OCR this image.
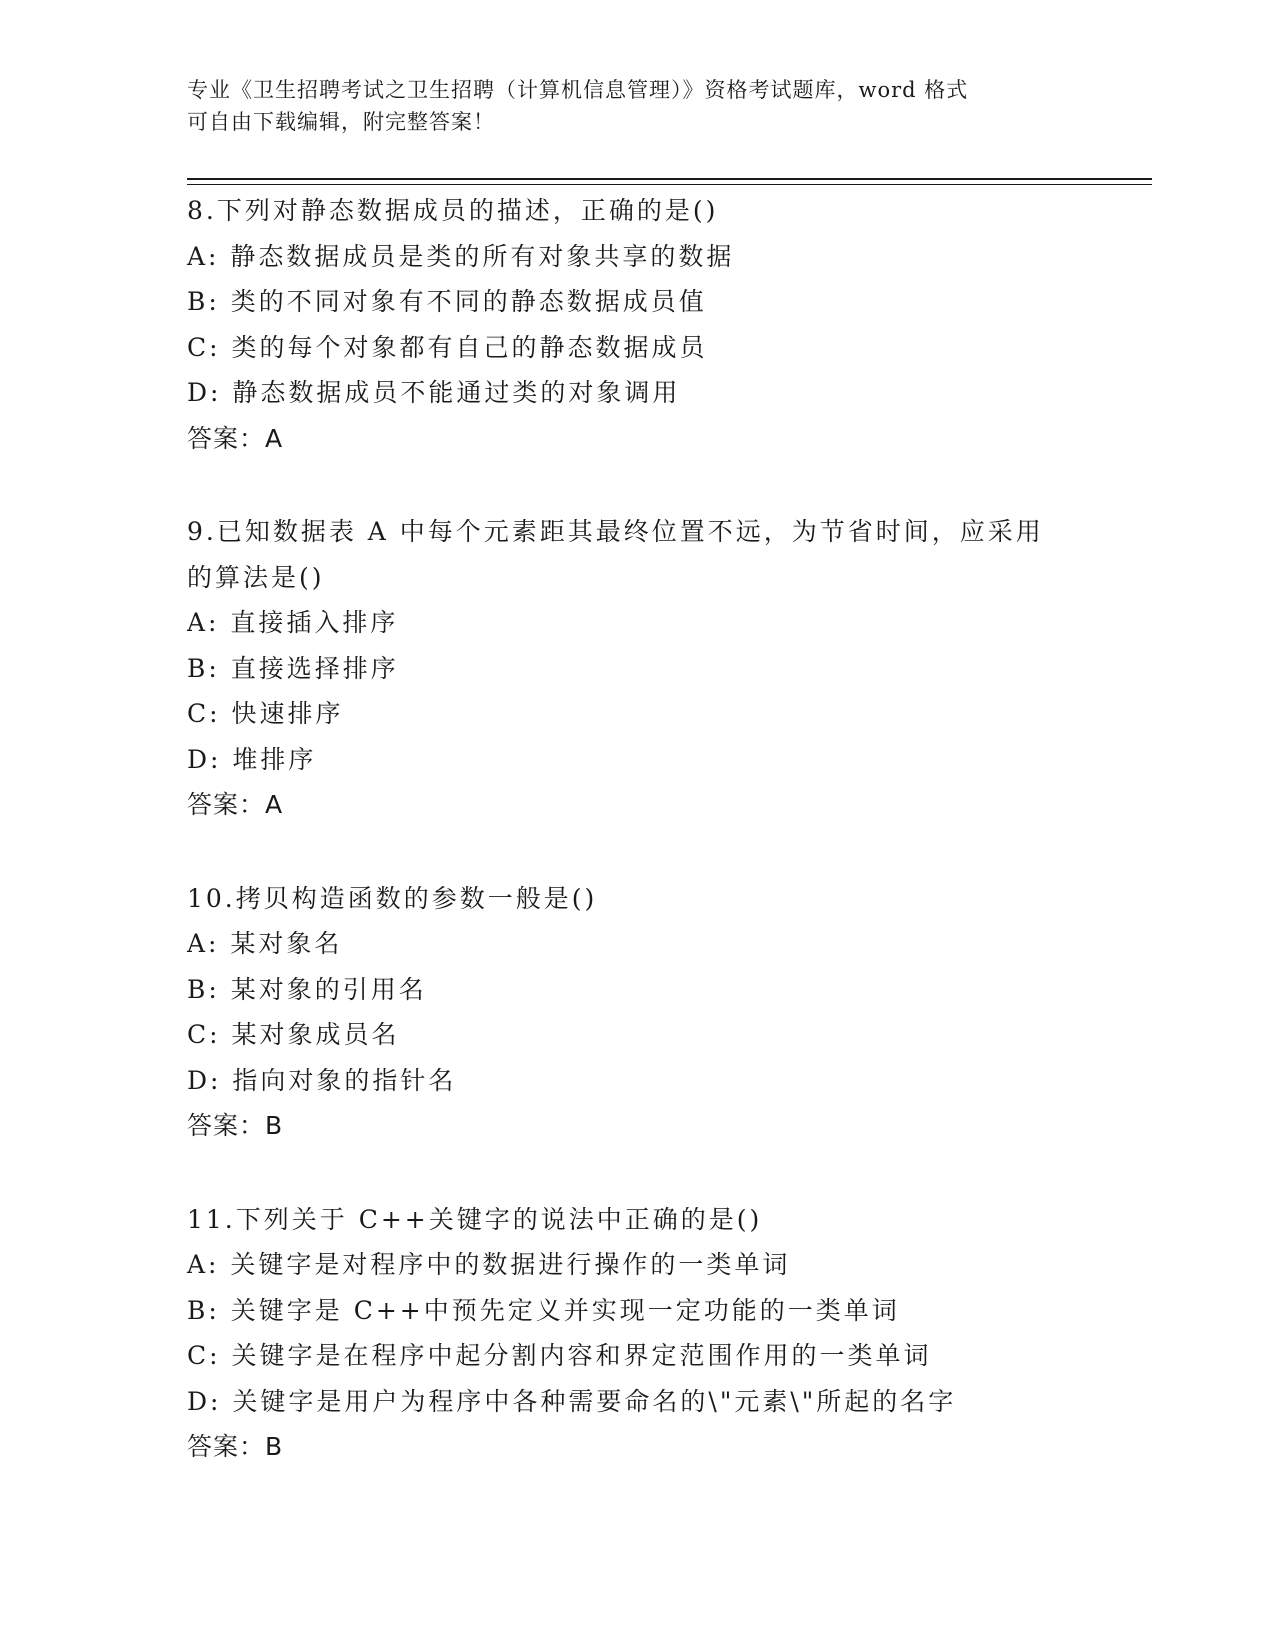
专业《卫生招聘考试之卫生招聘（计算机信息管理）》资格考试题库，word 格式
可自由下载编辑，附完整答案！
8.下列对静态数据成员的描述，正确的是()
A: 静态数据成员是类的所有对象共享的数据
B: 类的不同对象有不同的静态数据成员值
C: 类的每个对象都有自己的静态数据成员
D: 静态数据成员不能通过类的对象调用
答案：A
9.已知数据表 A 中每个元素距其最终位置不远，为节省时间，应采用
的算法是()
A: 直接插入排序
B: 直接选择排序
C: 快速排序
D: 堆排序
答案：A
10.拷贝构造函数的参数一般是()
A: 某对象名
B: 某对象的引用名
C: 某对象成员名
D: 指向对象的指针名
答案：B
11.下列关于 C++关键字的说法中正确的是()
A: 关键字是对程序中的数据进行操作的一类单词
B: 关键字是 C++中预先定义并实现一定功能的一类单词
C: 关键字是在程序中起分割内容和界定范围作用的一类单词
D: 关键字是用户为程序中各种需要命名的\"元素\"所起的名字
答案：B
